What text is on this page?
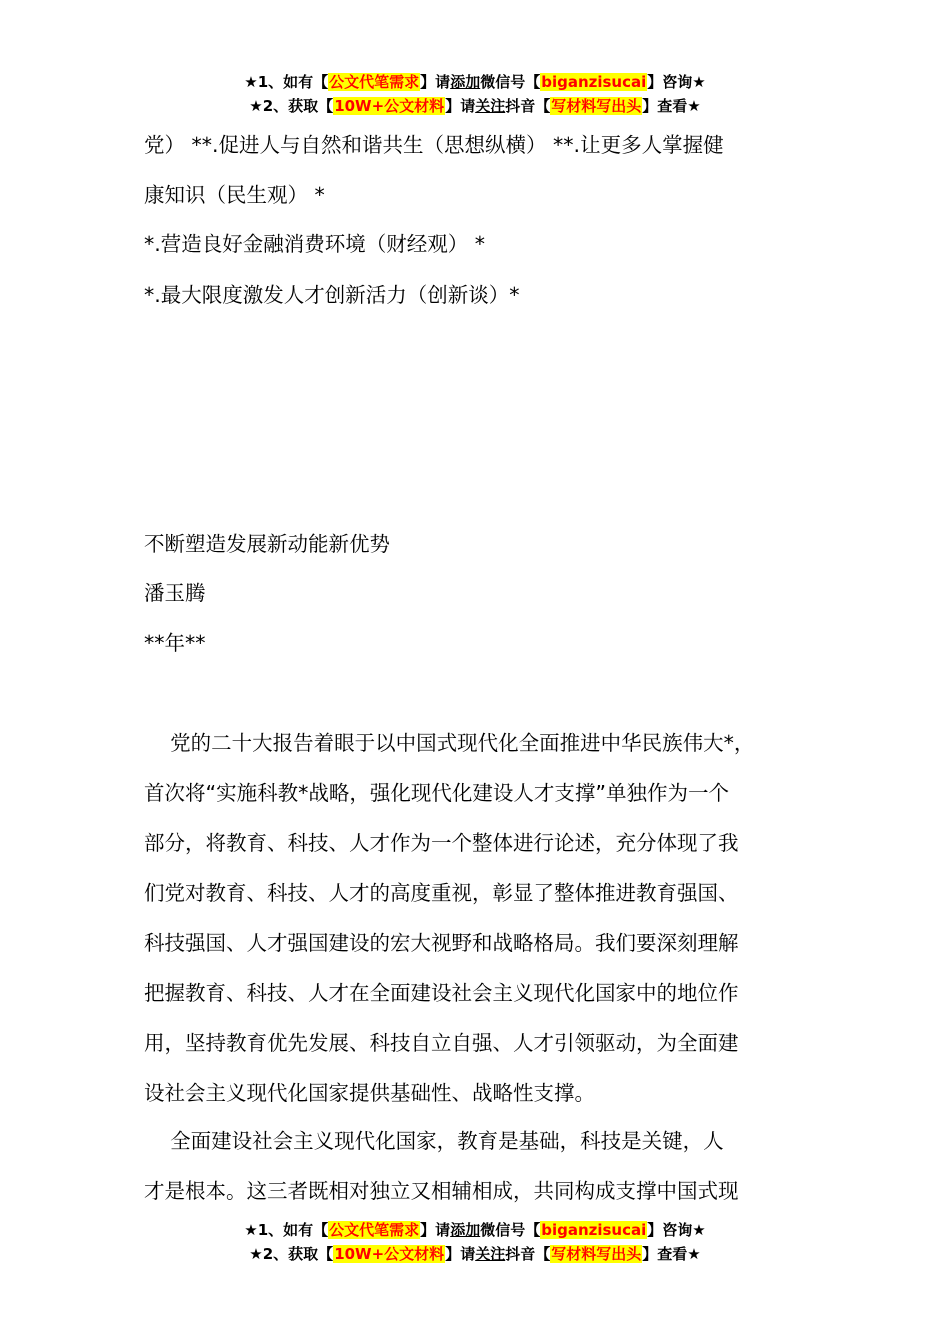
★1、如有【公文代笔需求】请添加微信号【biganzisucai】咨询★
★2、获取【10W+公文材料】请关注抖音【写材料写出头】查看★
党） **.促进人与自然和谐共生（思想纵横） **.让更多人掌握健
康知识（民生观） *
*.营造良好金融消费环境（财经观） *
*.最大限度激发人才创新活力（创新谈）*
不断塑造发展新动能新优势
潘玉腾
**年**
党的二十大报告着眼于以中国式现代化全面推进中华民族伟大*，
首次将“实施科教*战略，强化现代化建设人才支撑”单独作为一个
部分，将教育、科技、人才作为一个整体进行论述，充分体现了我
们党对教育、科技、人才的高度重视，彰显了整体推进教育强国、
科技强国、人才强国建设的宏大视野和战略格局。我们要深刻理解
把握教育、科技、人才在全面建设社会主义现代化国家中的地位作
用，坚持教育优先发展、科技自立自强、人才引领驱动，为全面建
设社会主义现代化国家提供基础性、战略性支撑。
全面建设社会主义现代化国家，教育是基础，科技是关键，人
才是根本。这三者既相对独立又相辅相成，共同构成支撑中国式现
★1、如有【公文代笔需求】请添加微信号【biganzisucai】咨询★
★2、获取【10W+公文材料】请关注抖音【写材料写出头】查看★
